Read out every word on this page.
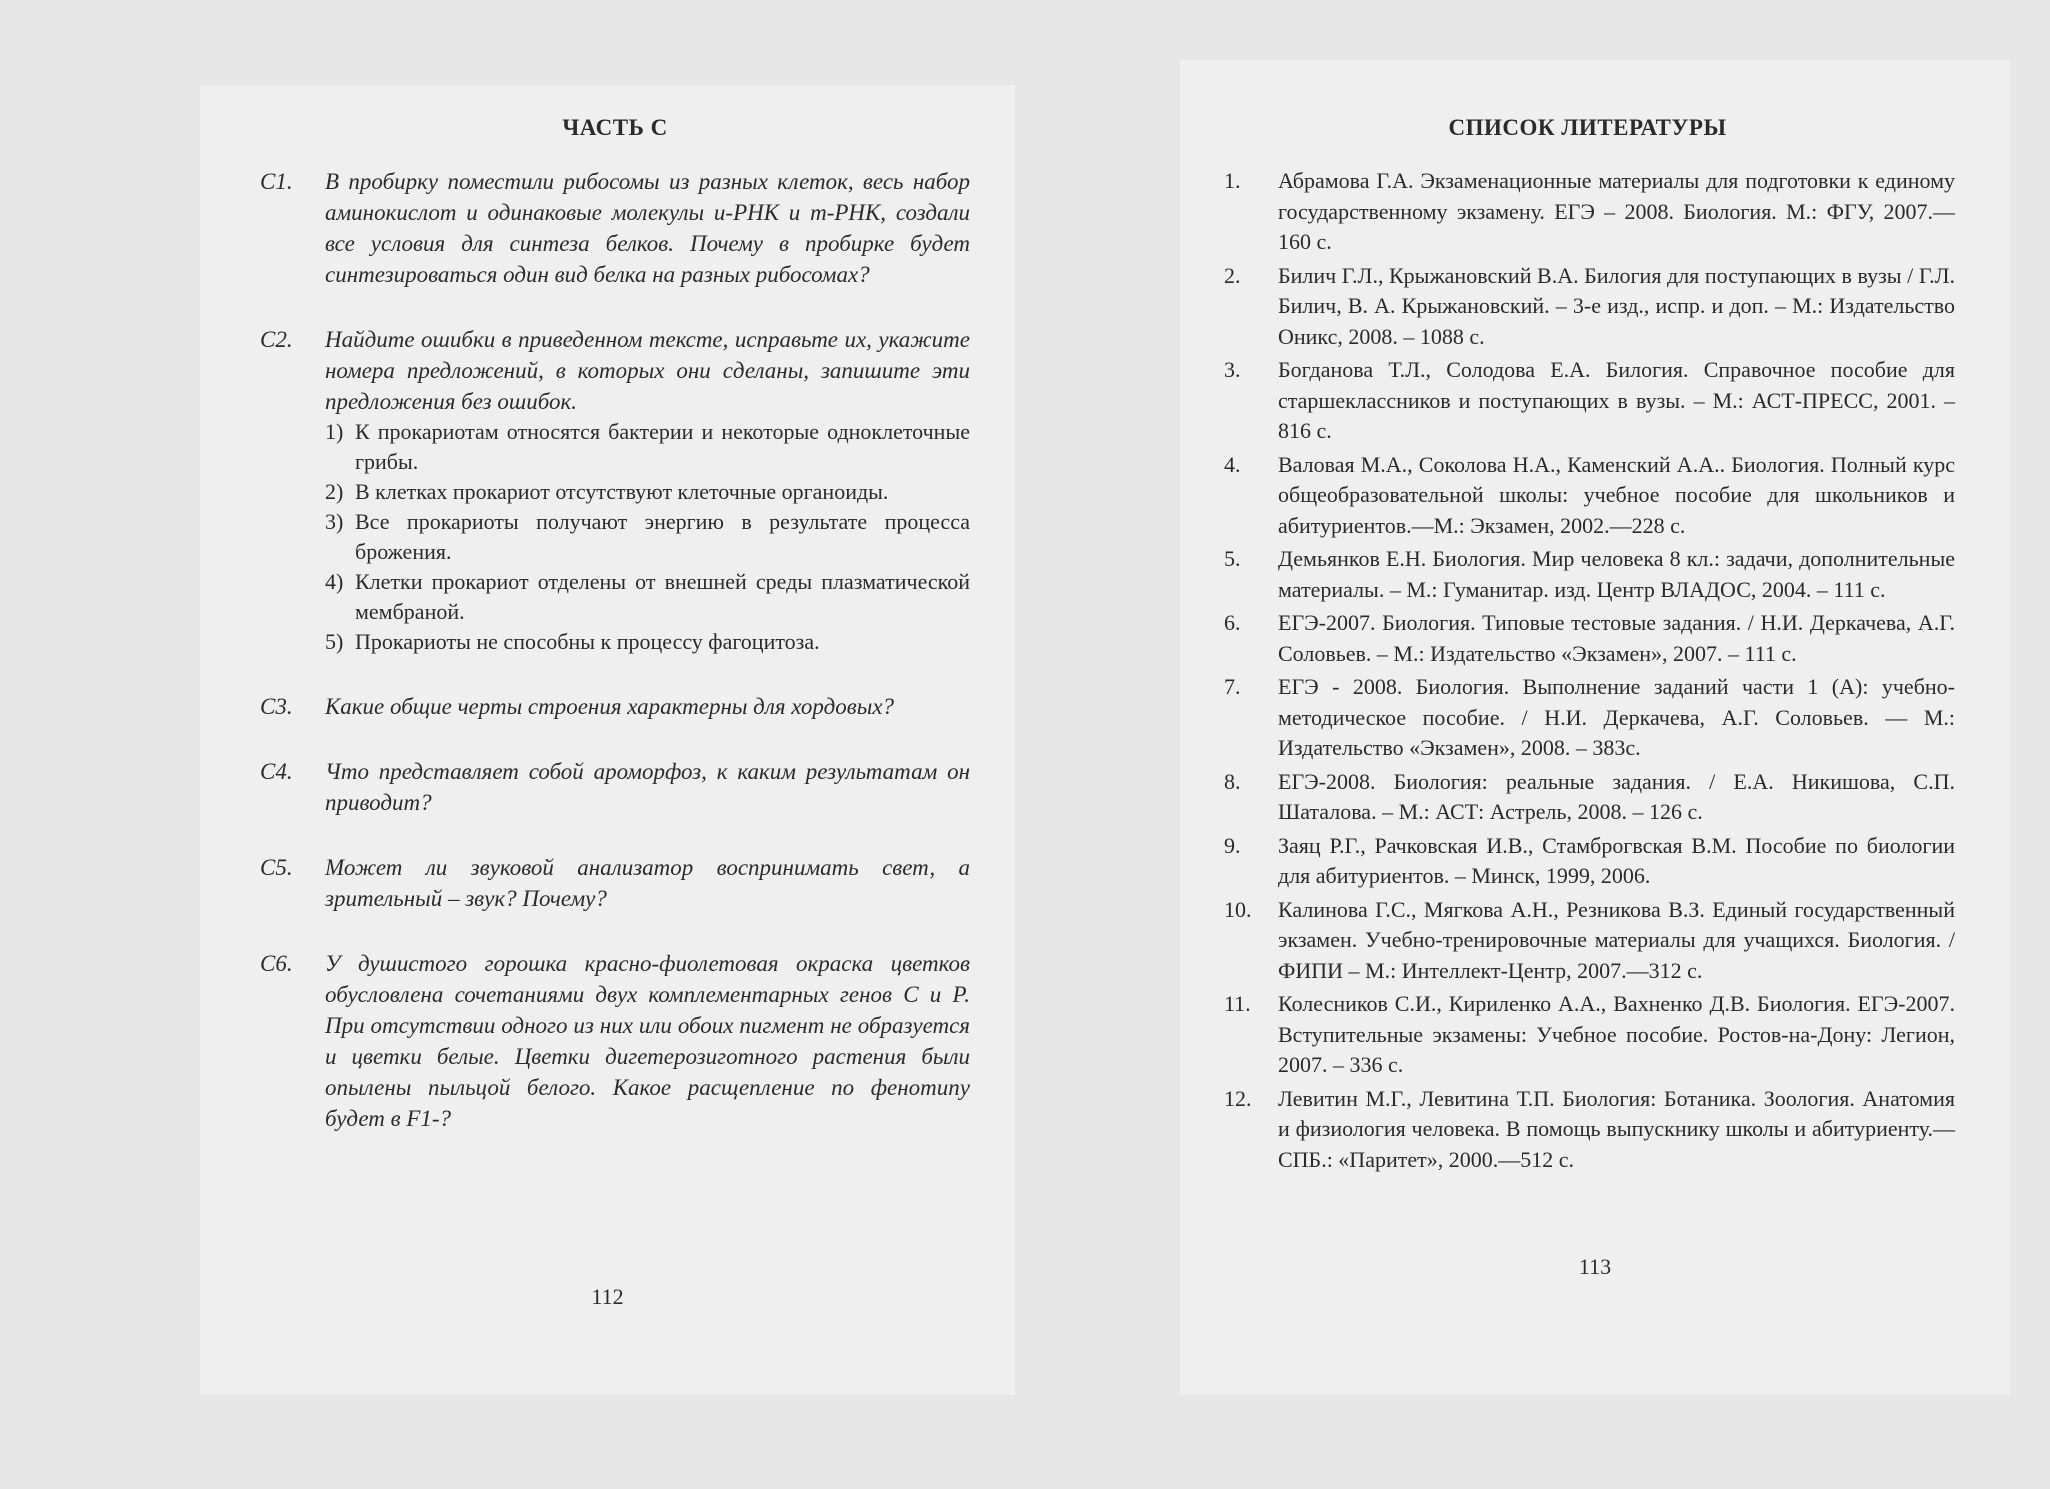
ЧАСТЬ С
C1.	В пробирку поместили рибосомы из разных клеток, весь набор аминокислот и одинаковые молекулы и-РНК и т-РНК, создали все условия для синтеза белков. Почему в пробирке будет синтезироваться один вид белка на разных рибосомах?

C2.	Найдите ошибки в приведенном тексте, исправьте их, укажите номера предложений, в которых они сделаны, запишите эти предложения без ошибок.

1) К прокариотам относятся бактерии и некоторые одноклеточные грибы.
2) В клетках прокариот отсутствуют клеточные органоиды.
3) Все прокариоты получают энергию в результате процесса брожения.
4) Клетки прокариот отделены от внешней среды плазматической мембраной.
5) Прокариоты не способны к процессу фагоцитоза.
C3.	Какие общие черты строения характерны для хордовых?

C4.	Что представляет собой ароморфоз, к каким результатам он приводит?

C5.	Может ли звуковой анализатор воспринимать свет, а зрительный – звук? Почему?

C6.	У душистого горошка красно-фиолетовая окраска цветков обусловлена сочетаниями двух комплементарных генов С и Р. При отсутствии одного из них или обоих пигмент не образуется и цветки белые. Цветки дигетерозиготного растения были опылены пыльцой белого. Какое расщепление по фенотипу будет в F1-?

112
СПИСОК ЛИТЕРАТУРЫ
1.	Абрамова Г.А. Экзаменационные материалы для подготовки к единому государственному экзамену. ЕГЭ – 2008. Биология. М.: ФГУ, 2007.—160 с.
2.	Билич Г.Л., Крыжановский В.А. Билогия для поступающих в вузы / Г.Л. Билич, В. А. Крыжановский. – 3-е изд., испр. и доп. – М.: Издательство Оникс, 2008. – 1088 с.
3.	Богданова Т.Л., Солодова Е.А. Билогия. Справочное пособие для старшеклассников и поступающих в вузы. – М.: АСТ-ПРЕСС, 2001. – 816 с.
4.	Валовая М.А., Соколова Н.А., Каменский А.А.. Биология. Полный курс общеобразовательной школы: учебное пособие для школьников и абитуриентов.—М.: Экзамен, 2002.—228 с.
5.	Демьянков Е.Н. Биология. Мир человека 8 кл.: задачи, дополнительные материалы. – М.: Гуманитар. изд. Центр ВЛАДОС, 2004. – 111 с.
6.	ЕГЭ-2007. Биология. Типовые тестовые задания. / Н.И. Деркачева, А.Г. Соловьев. – М.: Издательство «Экзамен», 2007. – 111 с.
7.	ЕГЭ - 2008. Биология. Выполнение заданий части 1 (А): учебно-методическое пособие. / Н.И. Деркачева, А.Г. Соловьев. — М.: Издательство «Экзамен», 2008. – 383с.
8.	ЕГЭ-2008. Биология: реальные задания. / Е.А. Никишова, С.П. Шаталова. – М.: АСТ: Астрель, 2008. – 126 с.
9.	Заяц Р.Г., Рачковская И.В., Стамброгвская В.М. Пособие по биологии для абитуриентов. – Минск, 1999, 2006.
10.	Калинова Г.С., Мягкова А.Н., Резникова В.З. Единый государственный экзамен. Учебно-тренировочные материалы для учащихся. Биология. / ФИПИ – М.: Интеллект-Центр, 2007.—312 с.
11.	Колесников С.И., Кириленко А.А., Вахненко Д.В. Биология. ЕГЭ-2007. Вступительные экзамены: Учебное пособие. Ростов-на-Дону: Легион, 2007. – 336 с.
12.	Левитин М.Г., Левитина Т.П. Биология: Ботаника. Зоология. Анатомия и физиология человека. В помощь выпускнику школы и абитуриенту.— СПБ.: «Паритет», 2000.—512 с.
113
